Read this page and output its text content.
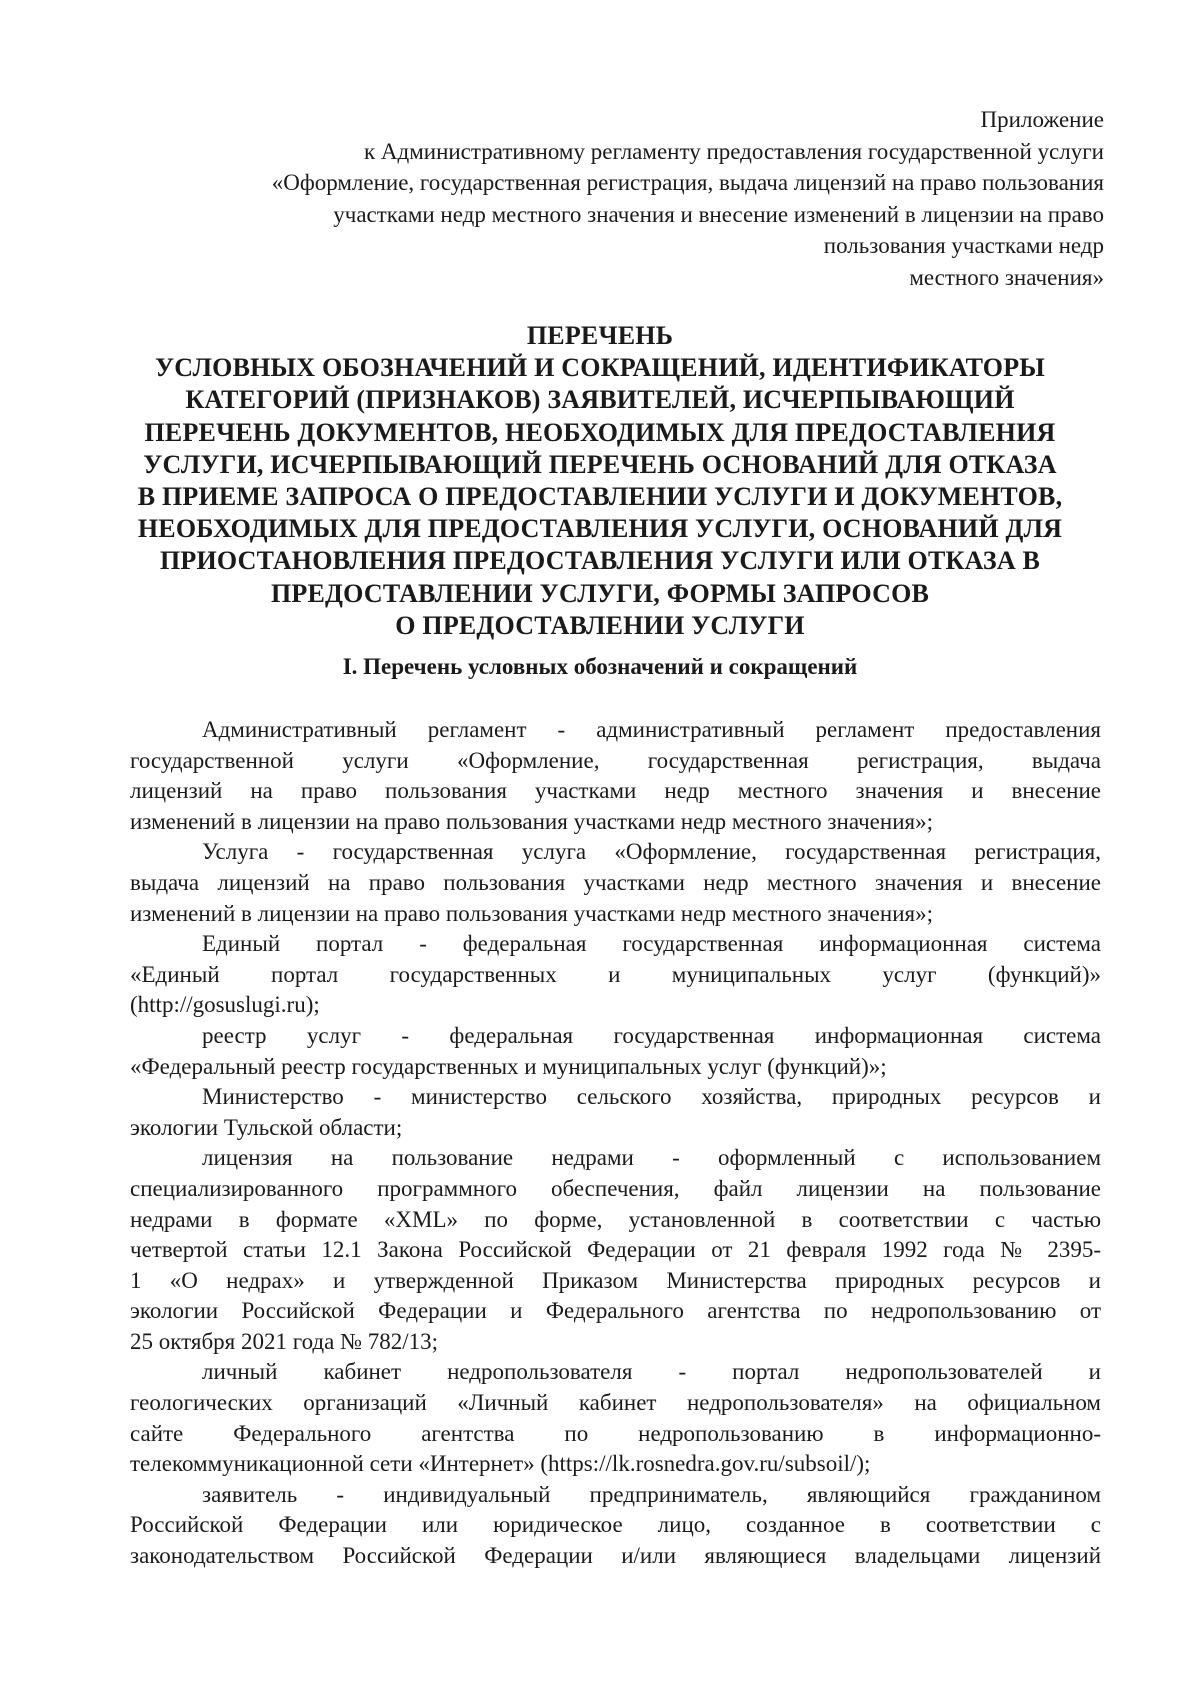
Приложение
к Административному регламенту предоставления государственной услуги
«Оформление, государственная регистрация, выдача лицензий на право пользования
участками недр местного значения и внесение изменений в лицензии на право
пользования участками недр
местного значения»
ПЕРЕЧЕНЬ
УСЛОВНЫХ ОБОЗНАЧЕНИЙ И СОКРАЩЕНИЙ, ИДЕНТИФИКАТОРЫ
КАТЕГОРИЙ (ПРИЗНАКОВ) ЗАЯВИТЕЛЕЙ, ИСЧЕРПЫВАЮЩИЙ
ПЕРЕЧЕНЬ ДОКУМЕНТОВ, НЕОБХОДИМЫХ ДЛЯ ПРЕДОСТАВЛЕНИЯ
УСЛУГИ, ИСЧЕРПЫВАЮЩИЙ ПЕРЕЧЕНЬ ОСНОВАНИЙ ДЛЯ ОТКАЗА
В ПРИЕМЕ ЗАПРОСА О ПРЕДОСТАВЛЕНИИ УСЛУГИ И ДОКУМЕНТОВ,
НЕОБХОДИМЫХ ДЛЯ ПРЕДОСТАВЛЕНИЯ УСЛУГИ, ОСНОВАНИЙ ДЛЯ
ПРИОСТАНОВЛЕНИЯ ПРЕДОСТАВЛЕНИЯ УСЛУГИ ИЛИ ОТКАЗА В
ПРЕДОСТАВЛЕНИИ УСЛУГИ, ФОРМЫ ЗАПРОСОВ
О ПРЕДОСТАВЛЕНИИ УСЛУГИ
I. Перечень условных обозначений и сокращений
Административный регламент - административный регламент предоставления
государственной услуги «Оформление, государственная регистрация, выдача
лицензий на право пользования участками недр местного значения и внесение
изменений в лицензии на право пользования участками недр местного значения»;
Услуга - государственная услуга «Оформление, государственная регистрация,
выдача лицензий на право пользования участками недр местного значения и внесение
изменений в лицензии на право пользования участками недр местного значения»;
Единый портал - федеральная государственная информационная система
«Единый портал государственных и муниципальных услуг (функций)»
(http://gosuslugi.ru);
реестр услуг - федеральная государственная информационная система
«Федеральный реестр государственных и муниципальных услуг (функций)»;
Министерство - министерство сельского хозяйства, природных ресурсов и
экологии Тульской области;
лицензия на пользование недрами - оформленный с использованием
специализированного программного обеспечения, файл лицензии на пользование
недрами в формате «XML» по форме, установленной в соответствии с частью
четвертой статьи 12.1 Закона Российской Федерации от 21 февраля 1992 года № 2395-
1 «О недрах» и утвержденной Приказом Министерства природных ресурсов и
экологии Российской Федерации и Федерального агентства по недропользованию от
25 октября 2021 года № 782/13;
личный кабинет недропользователя - портал недропользователей и
геологических организаций «Личный кабинет недропользователя» на официальном
сайте Федерального агентства по недропользованию в информационно-
телекоммуникационной сети «Интернет» (https://lk.rosnedra.gov.ru/subsoil/);
заявитель - индивидуальный предприниматель, являющийся гражданином
Российской Федерации или юридическое лицо, созданное в соответствии с
законодательством Российской Федерации и/или являющиеся владельцами лицензий
